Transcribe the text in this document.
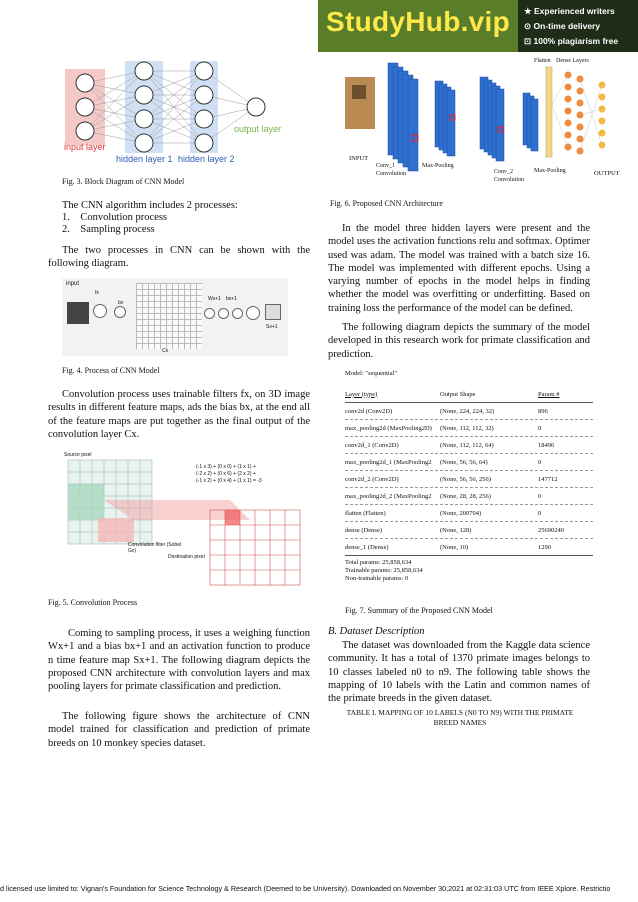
StudyHub.vip ★ Experienced writers
⊙ On-time delivery
⊡ 100% plagiarism free
input layer
hidden layer 1 hidden layer 2
output layer
Fig. 3. Block Diagram of CNN Model
The CNN algorithm includes 2 processes:
1. Convolution process
2. Sampling process
The two processes in CNN can be shown with the following diagram.
input
fx
bx
Cx
Wx+1 bx+1
Sx+1
Fig. 4. Process of CNN Model
Convolution process uses trainable filters fx, on 3D image results in different feature maps, ads the bias bx, at the end all of the feature maps are put together as the final output of the convolution layer Cx.
Source pixel
(-1 x 3) + (0 x 0) + (1 x 1) +
(-2 x 2) + (0 x 6) + (2 x 2) +
(-1 x 2) + (0 x 4) + (1 x 1) = -3
Convolution filter (Sobel Gx)
Destination pixel
Fig. 5. Convolution Process
Coming to sampling process, it uses a weighing function Wx+1 and a bias bx+1 and an activation function to produce n time feature map Sx+1. The following diagram depicts the proposed CNN architecture with convolution layers and max pooling layers for primate classification and prediction.
The following figure shows the architecture of CNN model trained for classification and prediction of primate breeds on 10 monkey species dataset.
INPUT
Conv_1 Convolution
Max-Pooling
Conv_2 Convolution
Max-Pooling
Flatten Dense Layers
OUTPUT
Fig. 6. Proposed CNN Architecture
In the model three hidden layers were present and the model uses the activation functions relu and softmax. Optimer used was adam. The model was trained with a batch size 16. The model was implemented with different epochs. Using a varying number of epochs in the model helps in finding whether the model was overfitting or underfitting. Based on training loss the performance of the model can be defined.
The following diagram depicts the summary of the model developed in this research work for primate classification and prediction.
Model: "sequential"
Layer (type)	Output Shape	Param #
conv2d (Conv2D)	(None, 224, 224, 32)	896
max_pooling2d (MaxPooling2D)	(None, 112, 112, 32)	0
conv2d_1 (Conv2D)	(None, 112, 112, 64)	18496
max_pooling2d_1 (MaxPooling2	(None, 56, 56, 64)	0
conv2d_2 (Conv2D)	(None, 56, 56, 256)	147712
max_pooling2d_2 (MaxPooling2	(None, 28, 28, 256)	0
flatten (Flatten)	(None, 200704)	0
dense (Dense)	(None, 128)	25690240
dense_1 (Dense)	(None, 10)	1290
Total params: 25,858,634
Trainable params: 25,858,634
Non-trainable params: 0
Fig. 7. Summary of the Proposed CNN Model
B. Dataset Description
The dataset was downloaded from the Kaggle data science community. It has a total of 1370 primate images belongs to 10 classes labeled n0 to n9. The following table shows the mapping of 10 labels with the Latin and common names of the primate breeds in the given dataset.
TABLE I. MAPPING OF 10 LABELS (N0 TO N9) WITH THE PRIMATE BREED NAMES
d licensed use limited to: Vignan's Foundation for Science Technology & Research (Deemed to be University). Downloaded on November 30,2021 at 02:31:03 UTC from IEEE Xplore. Restrictio
